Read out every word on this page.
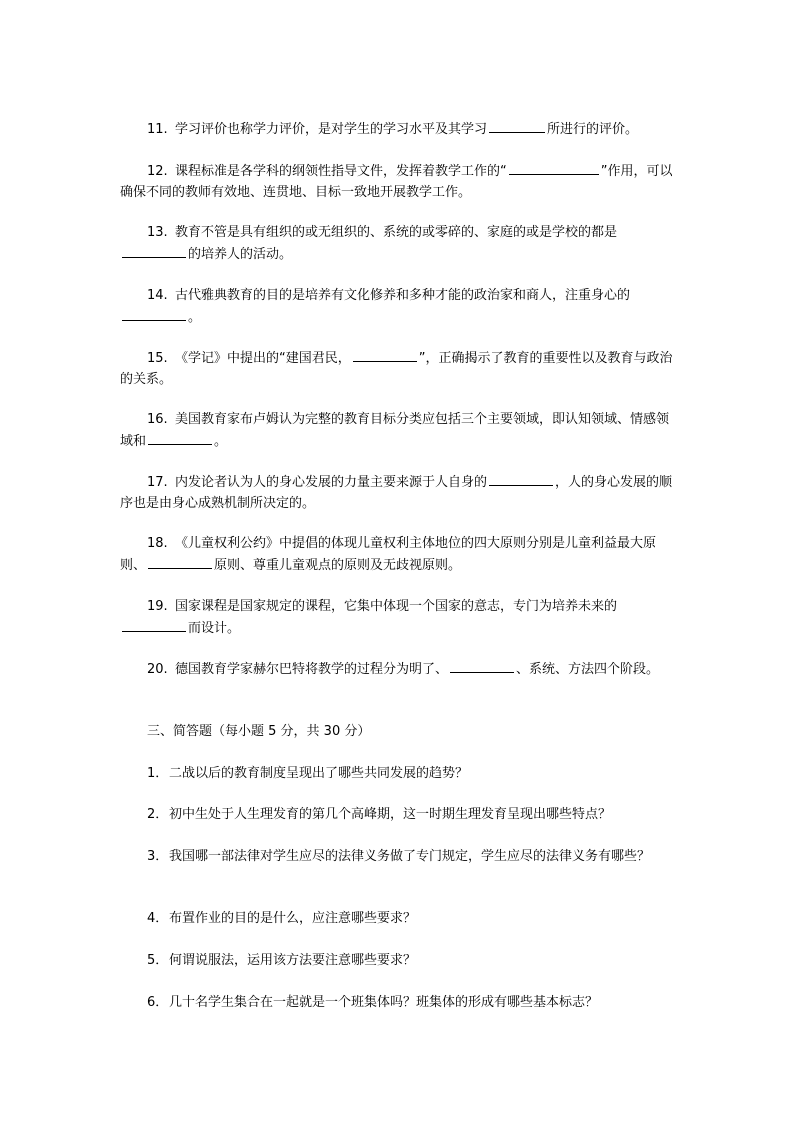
11. 学习评价也称学力评价，是对学生的学习水平及其学习	所进行的评价。

12. 课程标准是各学科的纲领性指导文件，发挥着教学工作的“	”作用，可以确保不同的教师有效地、连贯地、目标一致地开展教学工作。

13. 教育不管是具有组织的或无组织的、系统的或零碎的、家庭的或是学校的都是的培养人的活动。

14. 古代雅典教育的目的是培养有文化修养和多种才能的政治家和商人，注重身心的。

15. 《学记》中提出的“建国君民，	”，正确揭示了教育的重要性以及教育与政治的关系。

16. 美国教育家布卢姆认为完整的教育目标分类应包括三个主要领域，即认知领域、情感领域和	。

17. 内发论者认为人的身心发展的力量主要来源于人自身的	，人的身心发展的顺序也是由身心成熟机制所决定的。

18. 《儿童权利公约》中提倡的体现儿童权利主体地位的四大原则分别是儿童利益最大原则、	原则、尊重儿童观点的原则及无歧视原则。

19. 国家课程是国家规定的课程，它集中体现一个国家的意志，专门为培养未来的而设计。

20. 德国教育学家赫尔巴特将教学的过程分为明了、	、系统、方法四个阶段。

三、简答题（每小题 5 分，共 30 分）

1．二战以后的教育制度呈现出了哪些共同发展的趋势？

2．初中生处于人生理发育的第几个高峰期，这一时期生理发育呈现出哪些特点？

3．我国哪一部法律对学生应尽的法律义务做了专门规定，学生应尽的法律义务有哪些？

4．布置作业的目的是什么，应注意哪些要求？

5．何谓说服法，运用该方法要注意哪些要求？

6．几十名学生集合在一起就是一个班集体吗？班集体的形成有哪些基本标志？
